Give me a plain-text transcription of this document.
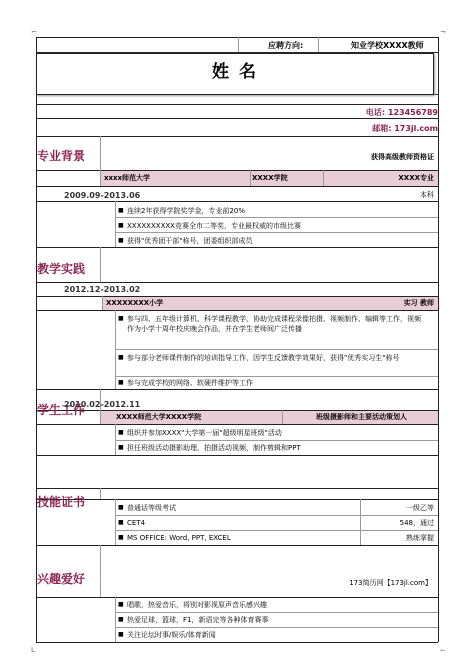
应聘方向:	知业学校XXXX教师
姓 名
电话: 123456789
邮箱: 173jl.com
专业背景	获得高级教师资格证
xxxx师范大学	XXXX学院	XXXX专业
2009.09-2013.06	本科
■ 连续2年获得学院奖学金，专业前20%
■ XXXXXXXXXX竞赛全市二等奖，专业最权威的市级比赛
■ 获得"优秀团干部"称号，团委组织部成员
教学实践
2012.12-2013.02
XXXXXXXX小学	实习 教师
■ 参与四、五年级计算机、科学课程教学，协助完成课程录像拍摄、视频制作、编辑等工作，视频作为小学十周年校庆晚会作品，并在学生老师间广泛传播
■ 参与部分老师课件制作的培训指导工作，因学生反馈教学效果好，获得"优秀实习生"称号
■ 参与完成学校的网络、软硬件维护等工作
学生工作
2010.02-2012.11
XXXX师范大学XXXX学院	班级摄影师和主要活动策划人
■ 组织并参加XXXX"大学第一届"超级明星班级"活动
■ 担任班级活动摄影助理，拍摄活动视频，制作剪辑和PPT
技能证书	■ 普通话等级考试	一级乙等
■ CET4	548，通过
■ MS OFFICE: Word, PPT, EXCEL	熟练掌握
兴趣爱好	173简历网【173jl.com】
■ 唱歌，热爱音乐，将别对影视原声音乐感兴趣
■ 热爱足球，篮球，F1，新语完等各种体育赛事
■ 关注论坛时事/娱乐/体育新闻
⌐	¬
L	⌙
